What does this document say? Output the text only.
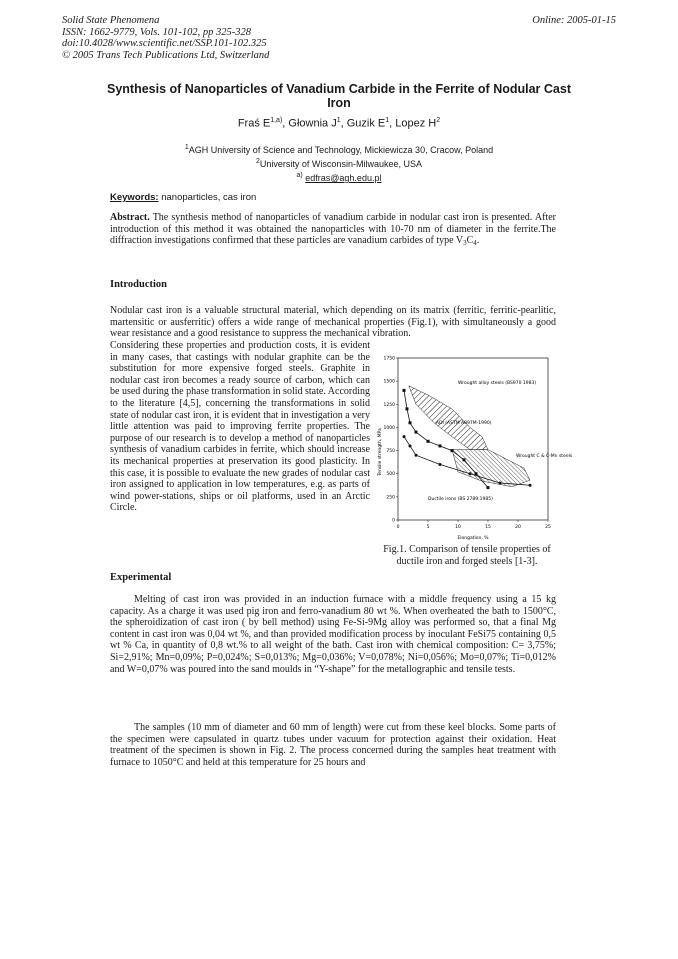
Solid State Phenomena
ISSN: 1662-9779, Vols. 101-102, pp 325-328
doi:10.4028/www.scientific.net/SSP.101-102.325
© 2005 Trans Tech Publications Ltd, Switzerland
Online: 2005-01-15
Synthesis of Nanoparticles of Vanadium Carbide in the Ferrite of Nodular Cast Iron
Fraś E$^{1,a)}$, Głownia $J^1$, Guzik $E^1$, Lopez $H^2$
$^1$AGH University of Science and Technology, Mickiewicza 30, Cracow, Poland
$^2$University of Wisconsin-Milwaukee, USA
$^{a)}$ edfras@agh.edu.pl
Keywords: nanoparticles, cas iron
Abstract. The synthesis method of nanoparticles of vanadium carbide in nodular cast iron is presented. After introduction of this method it was obtained the nanoparticles with 10-70 nm of diameter in the ferrite.The diffraction investigations confirmed that these particles are vanadium carbides of type $V_3C_4$.
Introduction
Nodular cast iron is a valuable structural material, which depending on its matrix (ferritic, ferritic-pearlitic, martensitic or ausferritic) offers a wide range of mechanical properties (Fig.1), with simultaneously a good wear resistance and a good resistance to suppress the mechanical vibration.
Considering these properties and production costs, it is evident in many cases, that castings with nodular graphite can be the substitution for more expensive forged steels. Graphite in nodular cast iron becomes a ready source of carbon, which can be used during the phase transformation in solid state. According to the literature [4,5], concerning the transformations in solid state of nodular cast iron, it is evident that in investigation a very little attention was paid to improving ferrite properties. The purpose of our research is to develop a method of nanoparticles synthesis of vanadium carbides in ferrite, which should increase its mechanical properties at preservation its good plasticity. In this case, it is possible to evaluate the new grades of nodular cast iron assigned to application in low temperatures, e.g. as parts of wind power-stations, ships or oil platforms, used in an Arctic Circle.
Tensile strength, MPa
Elongation, %
0
250
500
750
1000
1250
1500
1750
0	5	10	15	20	25
Wrought alloy steels (BS970 1983)
Wrought C & C-Mn steels
ADI (ASTM A897M-1990)
Ductile irons (BS 2789:1985)
Fig.1. Comparison of tensile properties of ductile iron and forged steels [1-3].
Experimental
Melting of cast iron was provided in an induction furnace with a middle frequency using a 15 kg capacity. As a charge it was used pig iron and ferro-vanadium 80 wt %. When overheated the bath to 1500°C, the spheroidization of cast iron ( by bell method) using Fe-Si-9Mg alloy was performed so, that a final Mg content in cast iron was 0,04 wt %, and than provided modification process by inoculant FeSi75 containing 0,5 wt % Ca, in quantity of 0,8 wt.% to all weight of the bath. Cast iron with chemical composition: C= 3,75%; Si=2,91%; Mn=0,09%; P=0,024%; S=0,013%; Mg=0,036%; V=0,078%; Ni=0,056%; Mo=0,07%; Ti=0,012% and W=0,07% was poured into the sand moulds in “Y-shape” for the metallographic and tensile tests.
The samples (10 mm of diameter and 60 mm of length) were cut from these keel blocks. Some parts of the specimen were capsulated in quartz tubes under vacuum for protection against their oxidation. Heat treatment of the specimen is shown in Fig. 2. The process concerned during the samples heat treatment with furnace to 1050°C and held at this temperature for 25 hours and
